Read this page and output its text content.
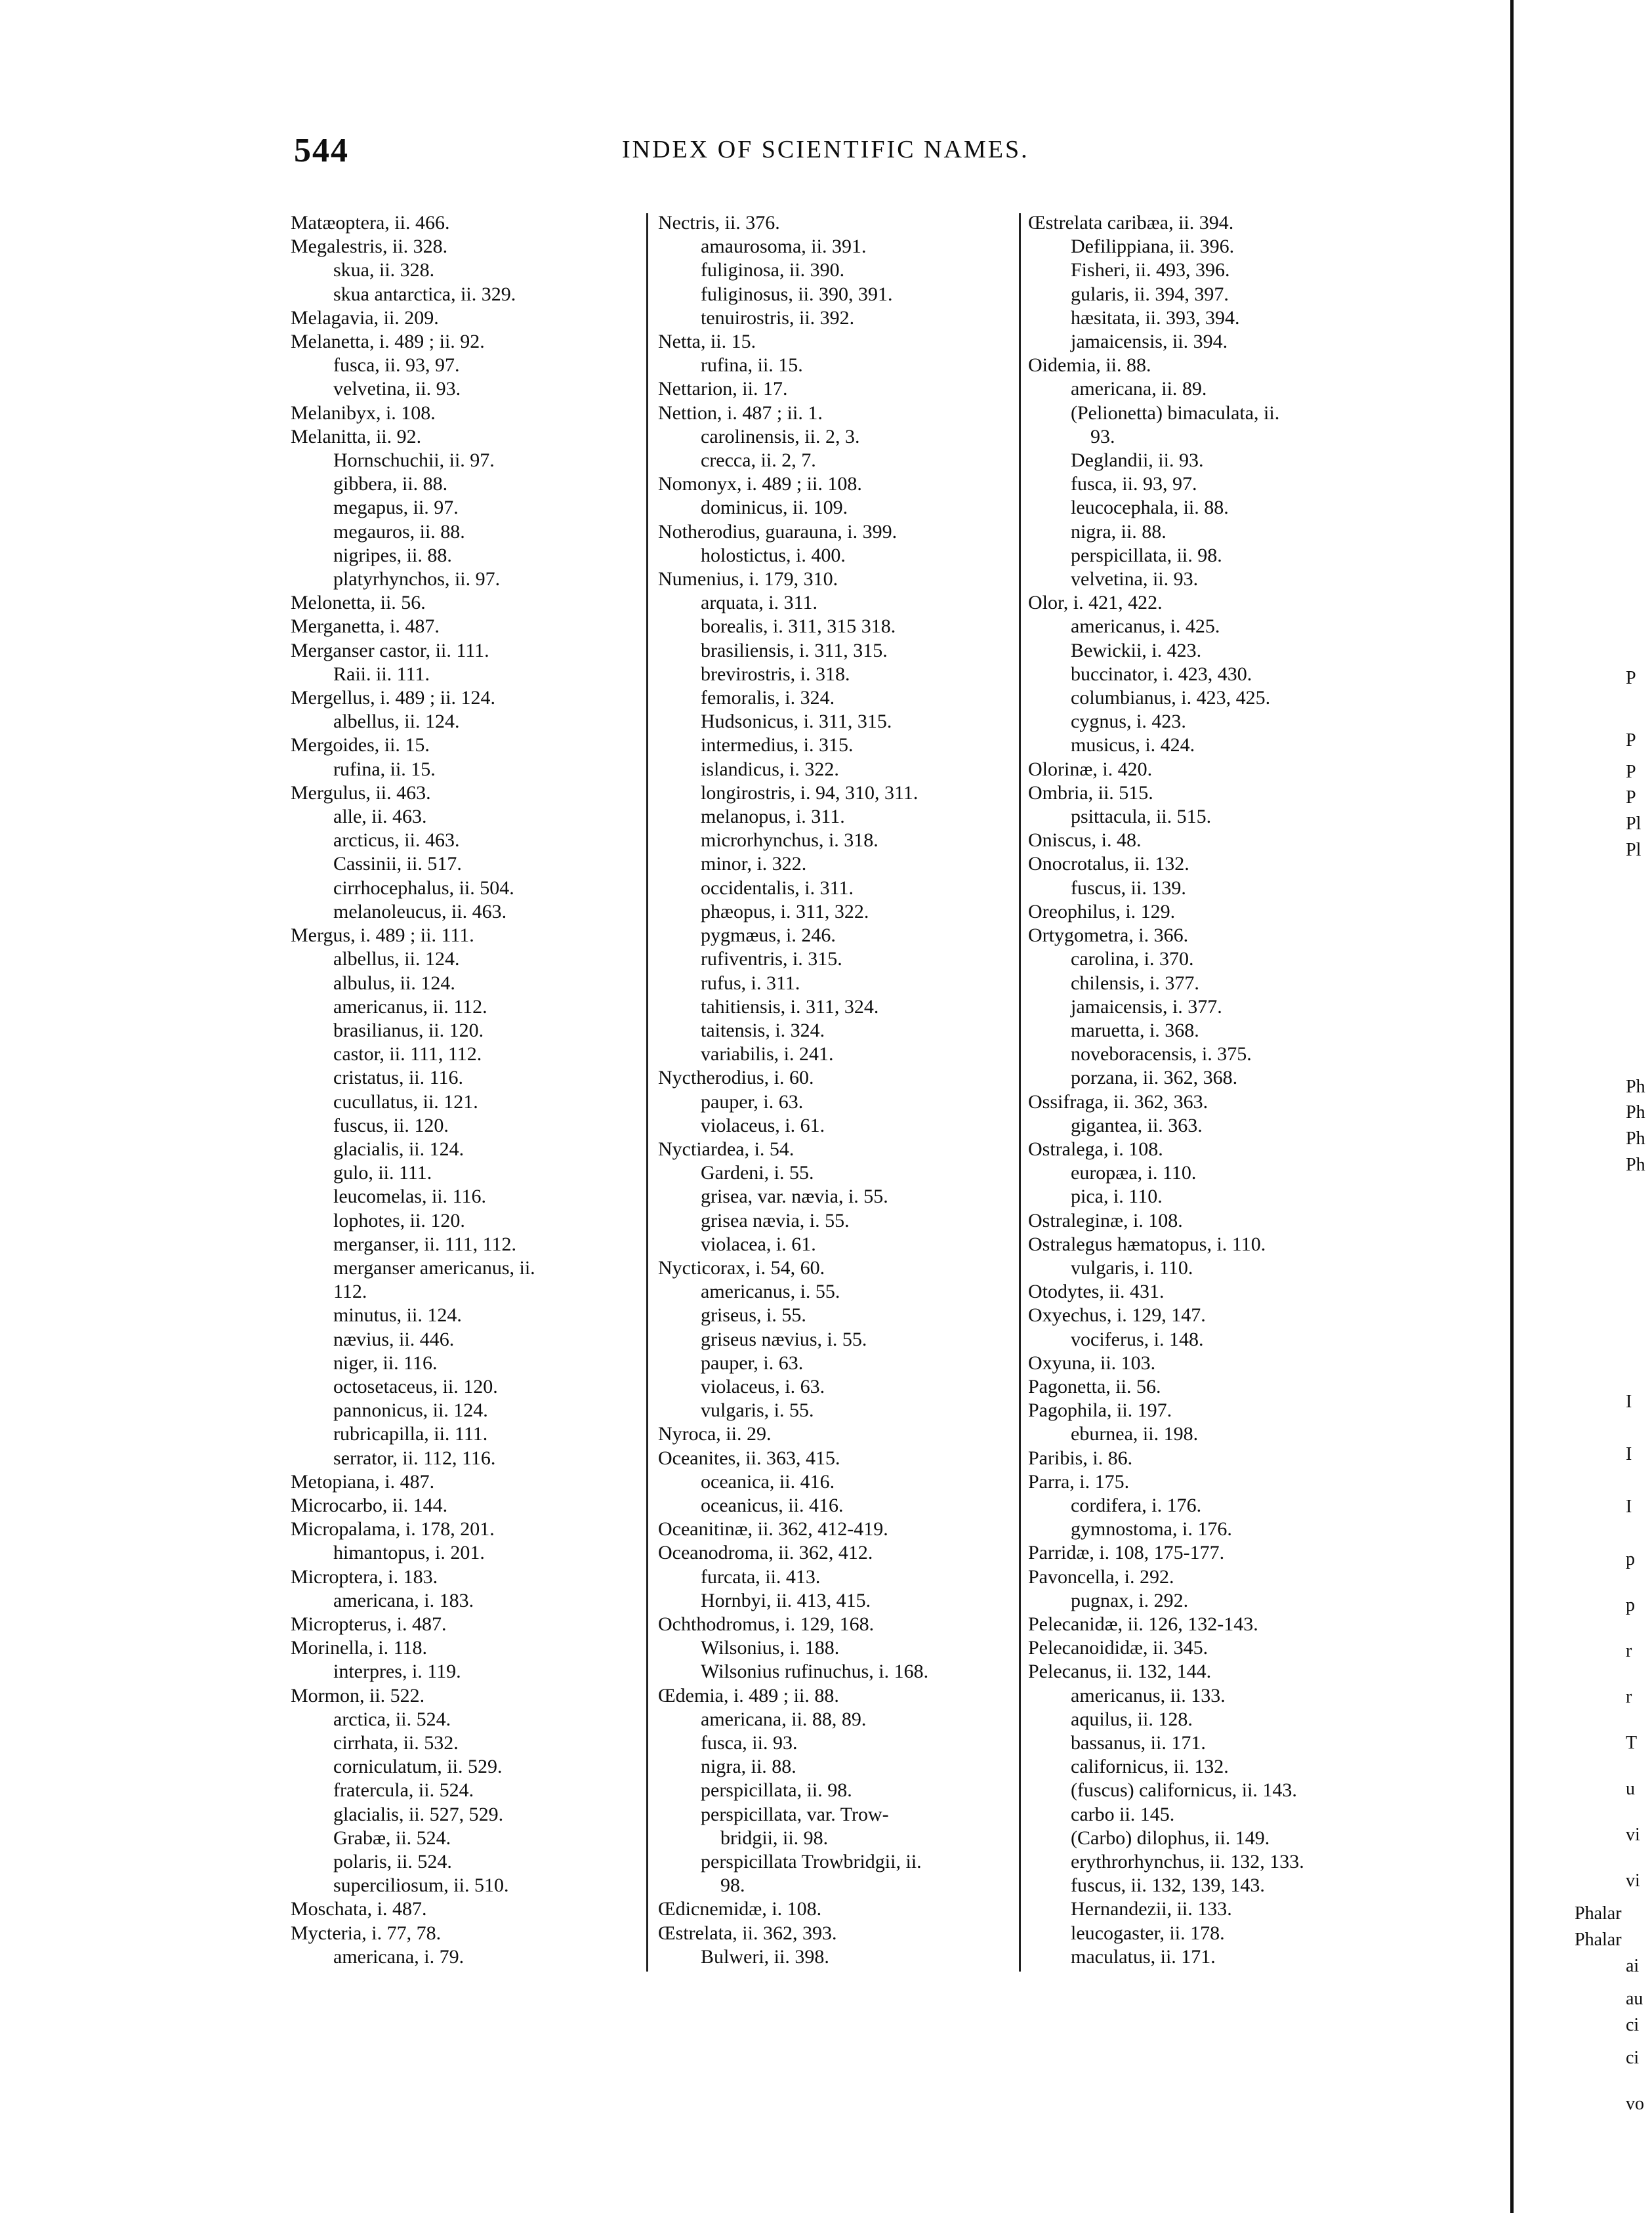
544	INDEX OF SCIENTIFIC NAMES.
Matæoptera, ii. 466.
Megalestris, ii. 328.
skua, ii. 328.
skua antarctica, ii. 329.
Melagavia, ii. 209.
Melanetta, i. 489 ; ii. 92.
fusca, ii. 93, 97.
velvetina, ii. 93.
Melanibyx, i. 108.
Melanitta, ii. 92.
Hornschuchii, ii. 97.
gibbera, ii. 88.
megapus, ii. 97.
megauros, ii. 88.
nigripes, ii. 88.
platyrhynchos, ii. 97.
Melonetta, ii. 56.
Merganetta, i. 487.
Merganser castor, ii. 111.
Raii. ii. 111.
Mergellus, i. 489 ; ii. 124.
albellus, ii. 124.
Mergoides, ii. 15.
rufina, ii. 15.
Mergulus, ii. 463.
alle, ii. 463.
arcticus, ii. 463.
Cassinii, ii. 517.
cirrhocephalus, ii. 504.
melanoleucus, ii. 463.
Mergus, i. 489 ; ii. 111.
albellus, ii. 124.
albulus, ii. 124.
americanus, ii. 112.
brasilianus, ii. 120.
castor, ii. 111, 112.
cristatus, ii. 116.
cucullatus, ii. 121.
fuscus, ii. 120.
glacialis, ii. 124.
gulo, ii. 111.
leucomelas, ii. 116.
lophotes, ii. 120.
merganser, ii. 111, 112.
merganser americanus, ii.
112.
minutus, ii. 124.
nævius, ii. 446.
niger, ii. 116.
octosetaceus, ii. 120.
pannonicus, ii. 124.
rubricapilla, ii. 111.
serrator, ii. 112, 116.
Metopiana, i. 487.
Microcarbo, ii. 144.
Micropalama, i. 178, 201.
himantopus, i. 201.
Microptera, i. 183.
americana, i. 183.
Micropterus, i. 487.
Morinella, i. 118.
interpres, i. 119.
Mormon, ii. 522.
arctica, ii. 524.
cirrhata, ii. 532.
corniculatum, ii. 529.
fratercula, ii. 524.
glacialis, ii. 527, 529.
Grabæ, ii. 524.
polaris, ii. 524.
superciliosum, ii. 510.
Moschata, i. 487.
Mycteria, i. 77, 78.
americana, i. 79.
Nectris, ii. 376.
amaurosoma, ii. 391.
fuliginosa, ii. 390.
fuliginosus, ii. 390, 391.
tenuirostris, ii. 392.
Netta, ii. 15.
rufina, ii. 15.
Nettarion, ii. 17.
Nettion, i. 487 ; ii. 1.
carolinensis, ii. 2, 3.
crecca, ii. 2, 7.
Nomonyx, i. 489 ; ii. 108.
dominicus, ii. 109.
Notherodius, guarauna, i. 399.
holostictus, i. 400.
Numenius, i. 179, 310.
arquata, i. 311.
borealis, i. 311, 315 318.
brasiliensis, i. 311, 315.
brevirostris, i. 318.
femoralis, i. 324.
Hudsonicus, i. 311, 315.
intermedius, i. 315.
islandicus, i. 322.
longirostris, i. 94, 310, 311.
melanopus, i. 311.
microrhynchus, i. 318.
minor, i. 322.
occidentalis, i. 311.
phæopus, i. 311, 322.
pygmæus, i. 246.
rufiventris, i. 315.
rufus, i. 311.
tahitiensis, i. 311, 324.
taitensis, i. 324.
variabilis, i. 241.
Nyctherodius, i. 60.
pauper, i. 63.
violaceus, i. 61.
Nyctiardea, i. 54.
Gardeni, i. 55.
grisea, var. nævia, i. 55.
grisea nævia, i. 55.
violacea, i. 61.
Nycticorax, i. 54, 60.
americanus, i. 55.
griseus, i. 55.
griseus nævius, i. 55.
pauper, i. 63.
violaceus, i. 63.
vulgaris, i. 55.
Nyroca, ii. 29.
Oceanites, ii. 363, 415.
oceanica, ii. 416.
oceanicus, ii. 416.
Oceanitinæ, ii. 362, 412-419.
Oceanodroma, ii. 362, 412.
furcata, ii. 413.
Hornbyi, ii. 413, 415.
Ochthodromus, i. 129, 168.
Wilsonius, i. 188.
Wilsonius rufinuchus, i. 168.
Œdemia, i. 489 ; ii. 88.
americana, ii. 88, 89.
fusca, ii. 93.
nigra, ii. 88.
perspicillata, ii. 98.
perspicillata, var. Trow-
bridgii, ii. 98.
perspicillata Trowbridgii, ii.
98.
Œdicnemidæ, i. 108.
Œstrelata, ii. 362, 393.
Bulweri, ii. 398.
Œstrelata caribæa, ii. 394.
Defilippiana, ii. 396.
Fisheri, ii. 493, 396.
gularis, ii. 394, 397.
hæsitata, ii. 393, 394.
jamaicensis, ii. 394.
Oidemia, ii. 88.
americana, ii. 89.
(Pelionetta) bimaculata, ii.
93.
Deglandii, ii. 93.
fusca, ii. 93, 97.
leucocephala, ii. 88.
nigra, ii. 88.
perspicillata, ii. 98.
velvetina, ii. 93.
Olor, i. 421, 422.
americanus, i. 425.
Bewickii, i. 423.
buccinator, i. 423, 430.
columbianus, i. 423, 425.
cygnus, i. 423.
musicus, i. 424.
Olorinæ, i. 420.
Ombria, ii. 515.
psittacula, ii. 515.
Oniscus, i. 48.
Onocrotalus, ii. 132.
fuscus, ii. 139.
Oreophilus, i. 129.
Ortygometra, i. 366.
carolina, i. 370.
chilensis, i. 377.
jamaicensis, i. 377.
maruetta, i. 368.
noveboracensis, i. 375.
porzana, ii. 362, 368.
Ossifraga, ii. 362, 363.
gigantea, ii. 363.
Ostralega, i. 108.
europæa, i. 110.
pica, i. 110.
Ostraleginæ, i. 108.
Ostralegus hæmatopus, i. 110.
vulgaris, i. 110.
Otodytes, ii. 431.
Oxyechus, i. 129, 147.
vociferus, i. 148.
Oxyuna, ii. 103.
Pagonetta, ii. 56.
Pagophila, ii. 197.
eburnea, ii. 198.
Paribis, i. 86.
Parra, i. 175.
cordifera, i. 176.
gymnostoma, i. 176.
Parridæ, i. 108, 175-177.
Pavoncella, i. 292.
pugnax, i. 292.
Pelecanidæ, ii. 126, 132-143.
Pelecanoididæ, ii. 345.
Pelecanus, ii. 132, 144.
americanus, ii. 133.
aquilus, ii. 128.
bassanus, ii. 171.
californicus, ii. 132.
(fuscus) californicus, ii. 143.
carbo ii. 145.
(Carbo) dilophus, ii. 149.
erythrorhynchus, ii. 132, 133.
fuscus, ii. 132, 139, 143.
Hernandezii, ii. 133.
leucogaster, ii. 178.
maculatus, ii. 171.
P
P
P
P
Pl
Pl
Ph
Ph
Ph
Ph
I
I
I
p
p
r
r
T
u
vi
vi
Phalar
Phalar
ai
au
ci
ci
vo
